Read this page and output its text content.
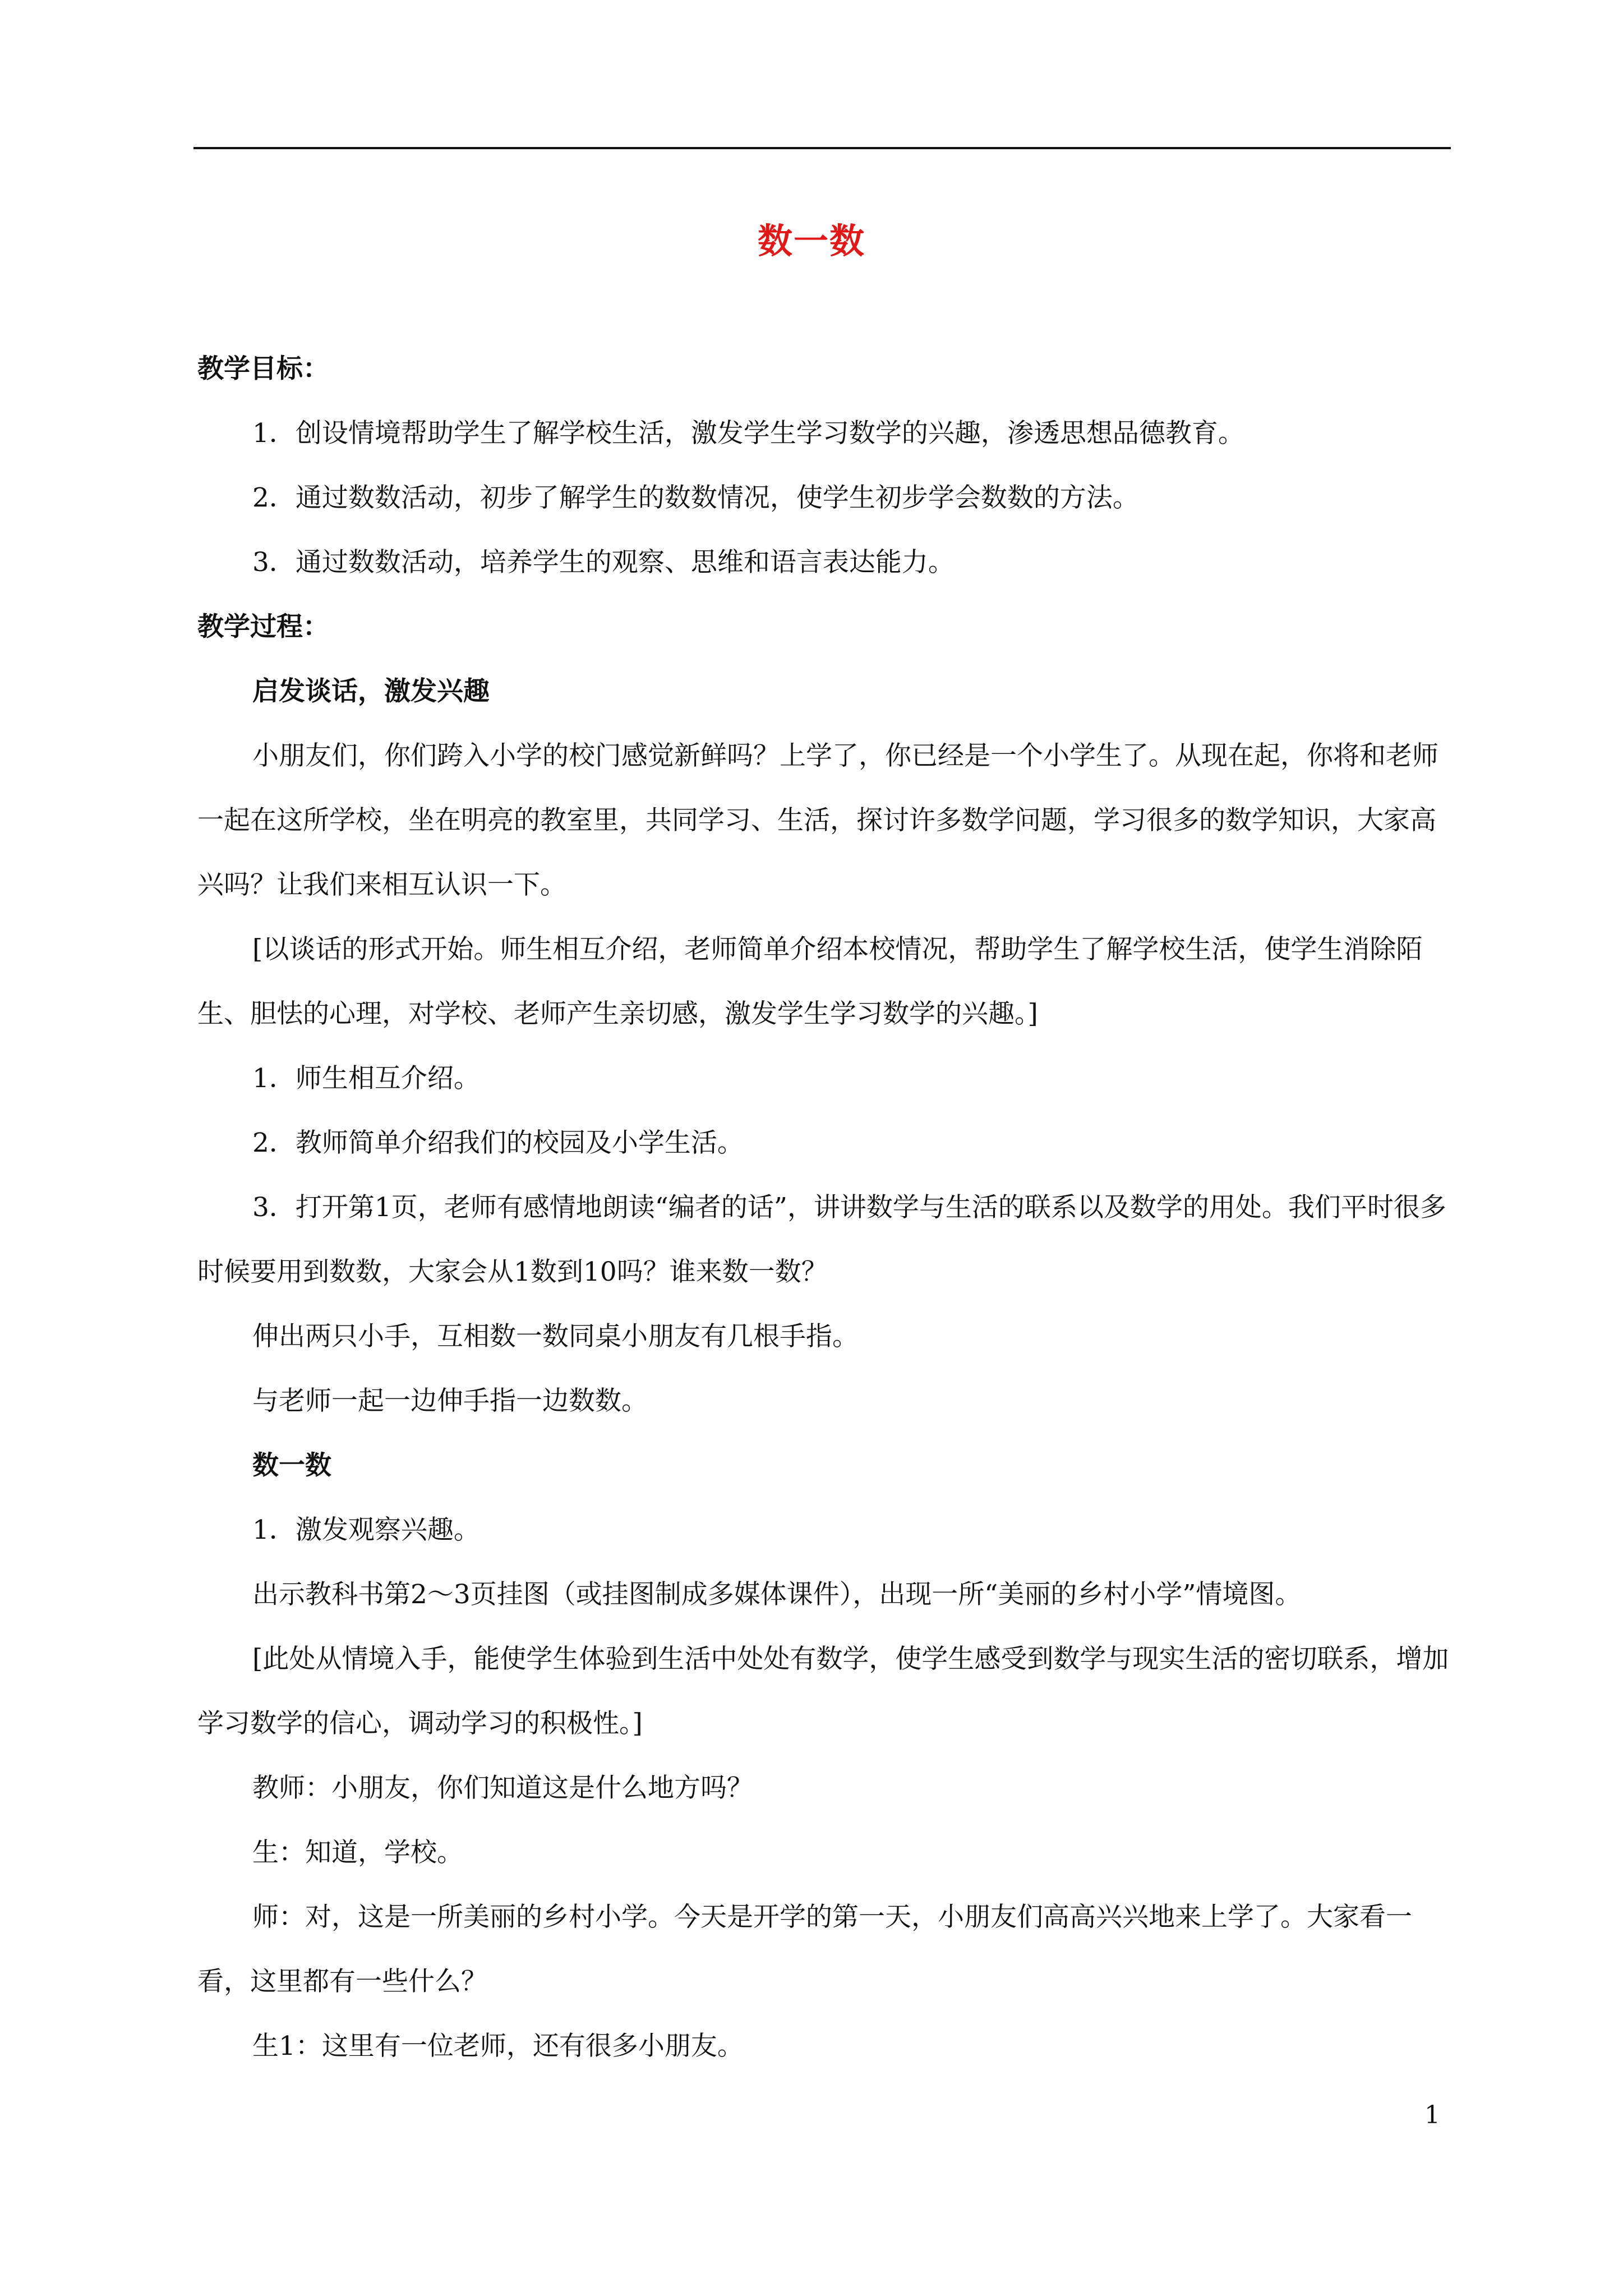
数一数

教学目标：

1．创设情境帮助学生了解学校生活，激发学生学习数学的兴趣，渗透思想品德教育。

2．通过数数活动，初步了解学生的数数情况，使学生初步学会数数的方法。

3．通过数数活动，培养学生的观察、思维和语言表达能力。

教学过程：

启发谈话，激发兴趣

小朋友们，你们跨入小学的校门感觉新鲜吗？上学了，你已经是一个小学生了。从现在起，你将和老师一起在这所学校，坐在明亮的教室里，共同学习、生活，探讨许多数学问题，学习很多的数学知识，大家高兴吗？让我们来相互认识一下。

[以谈话的形式开始。师生相互介绍，老师简单介绍本校情况，帮助学生了解学校生活，使学生消除陌生、胆怯的心理，对学校、老师产生亲切感，激发学生学习数学的兴趣。]

1．师生相互介绍。

2．教师简单介绍我们的校园及小学生活。

3．打开第1页，老师有感情地朗读“编者的话”，讲讲数学与生活的联系以及数学的用处。我们平时很多时候要用到数数，大家会从1数到10吗？谁来数一数？

伸出两只小手，互相数一数同桌小朋友有几根手指。

与老师一起一边伸手指一边数数。

数一数

1．激发观察兴趣。

出示教科书第2～3页挂图（或挂图制成多媒体课件），出现一所“美丽的乡村小学”情境图。

[此处从情境入手，能使学生体验到生活中处处有数学，使学生感受到数学与现实生活的密切联系，增加学习数学的信心，调动学习的积极性。]

教师：小朋友，你们知道这是什么地方吗？

生：知道，学校。

师：对，这是一所美丽的乡村小学。今天是开学的第一天，小朋友们高高兴兴地来上学了。大家看一看，这里都有一些什么？

生1：这里有一位老师，还有很多小朋友。

1
